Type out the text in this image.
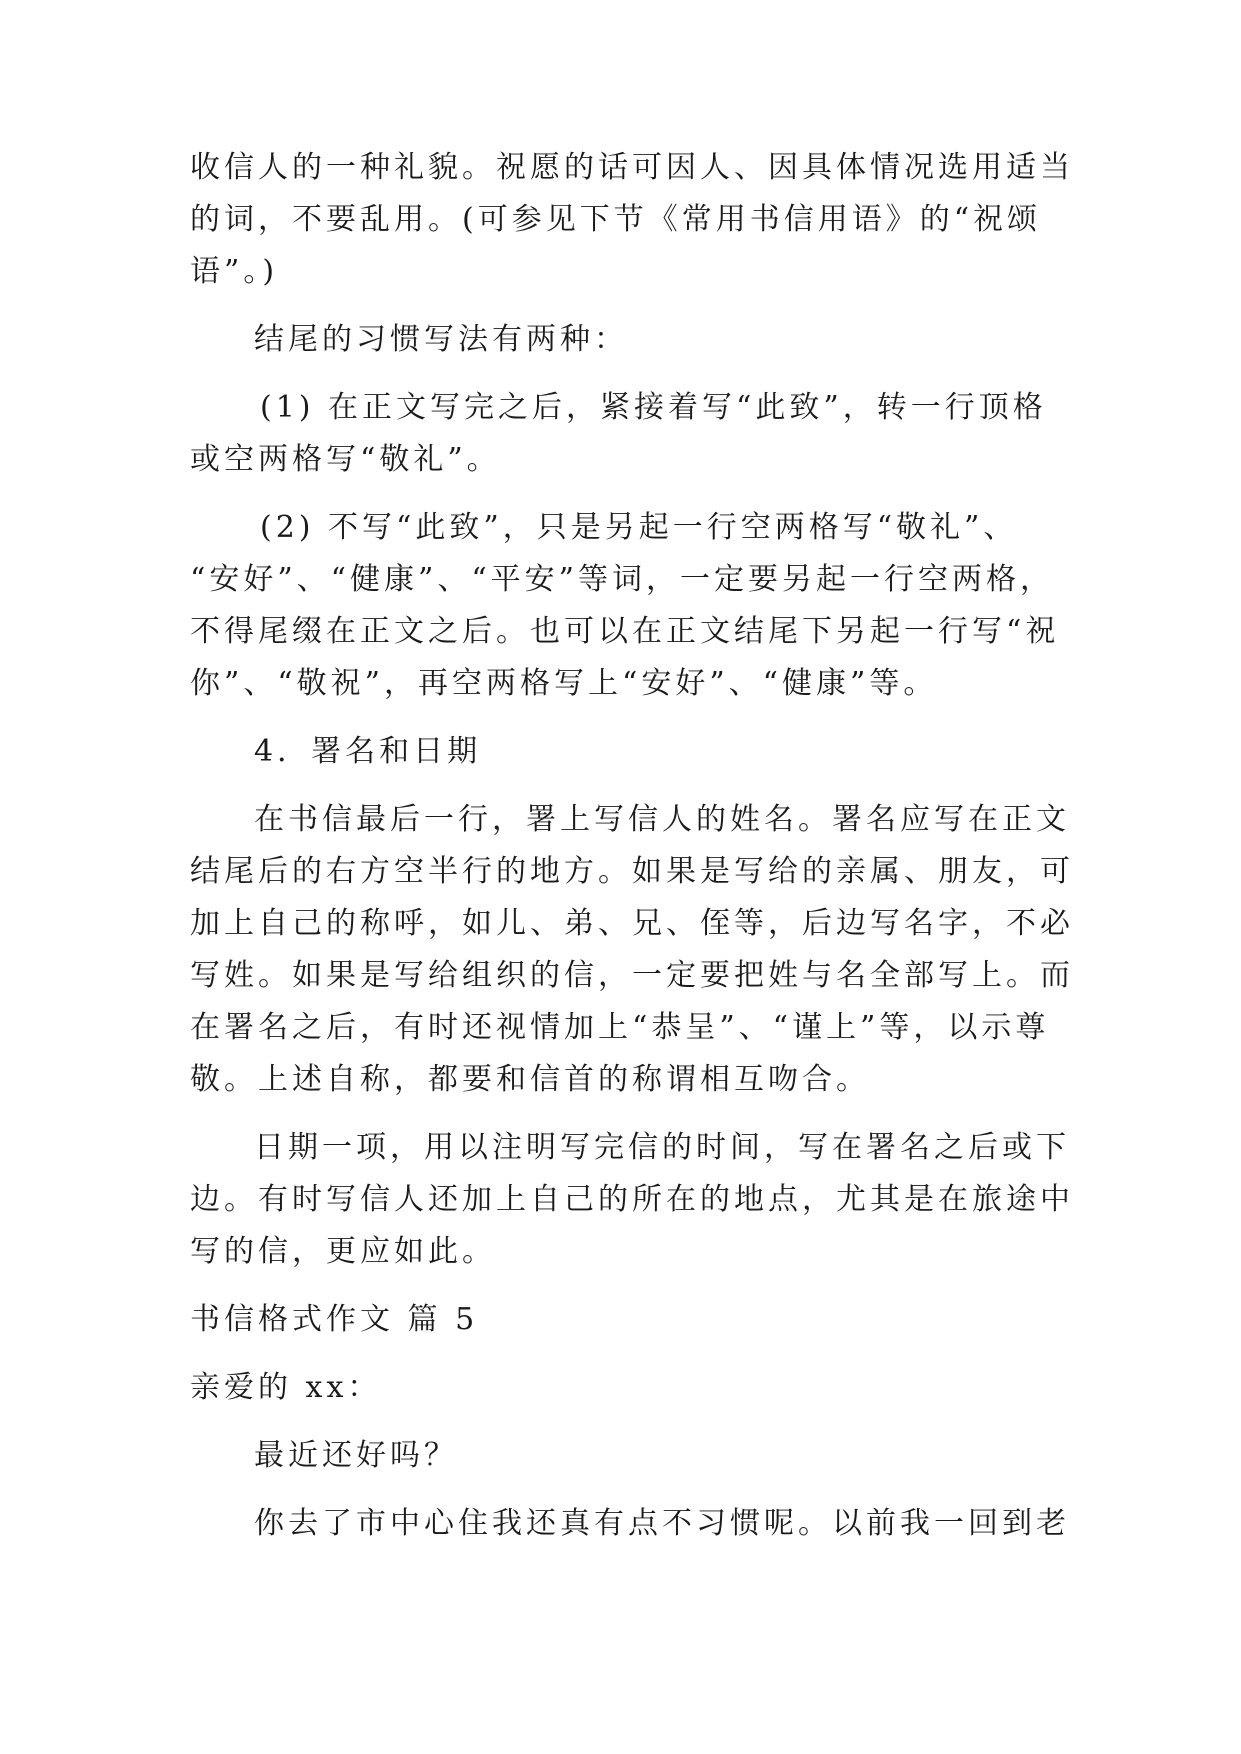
收信人的一种礼貌。祝愿的话可因人、因具体情况选用适当
的词，不要乱用。(可参见下节《常用书信用语》的“祝颂
语”。)
结尾的习惯写法有两种：
(1) 在正文写完之后，紧接着写“此致”，转一行顶格
或空两格写“敬礼”。
(2) 不写“此致”，只是另起一行空两格写“敬礼”、
“安好”、“健康”、“平安”等词，一定要另起一行空两格，
不得尾缀在正文之后。也可以在正文结尾下另起一行写“祝
你”、“敬祝”，再空两格写上“安好”、“健康”等。
4．署名和日期
在书信最后一行，署上写信人的姓名。署名应写在正文
结尾后的右方空半行的地方。如果是写给的亲属、朋友，可
加上自己的称呼，如儿、弟、兄、侄等，后边写名字，不必
写姓。如果是写给组织的信，一定要把姓与名全部写上。而
在署名之后，有时还视情加上“恭呈”、“谨上”等，以示尊
敬。上述自称，都要和信首的称谓相互吻合。
日期一项，用以注明写完信的时间，写在署名之后或下
边。有时写信人还加上自己的所在的地点，尤其是在旅途中
写的信，更应如此。
书信格式作文 篇 5
亲爱的 xx：
最近还好吗？
你去了市中心住我还真有点不习惯呢。以前我一回到老
